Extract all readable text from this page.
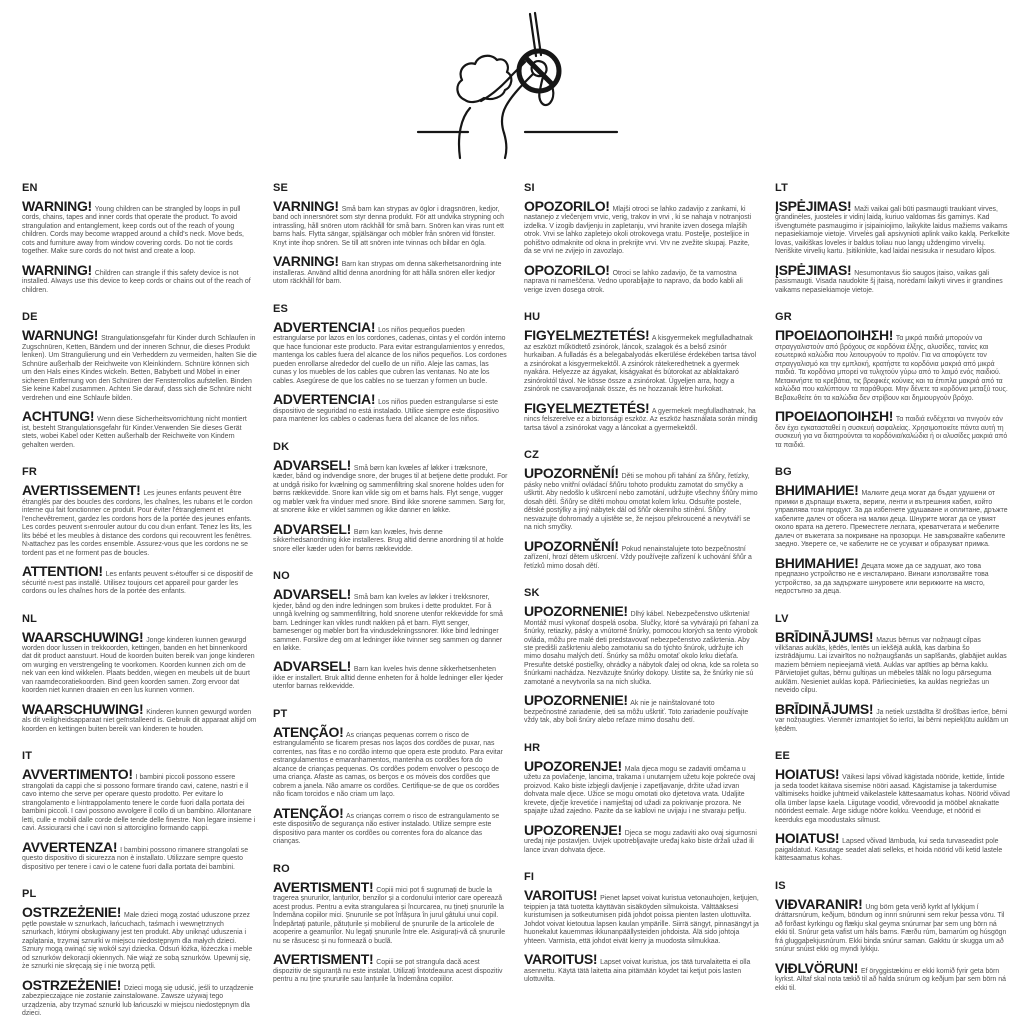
EN

WARNING! Young children can be strangled by loops in pull cords, chains, tapes and inner cords that operate the product. To avoid strangulation and entanglement, keep cords out of the reach of young children. Cords may become wrapped around a child's neck. Move beds, cots and furniture away from window covering cords. Do not tie cords together. Make sure cords do not twist and create a loop.

WARNING! Children can strangle if this safety device is not installed. Always use this device to keep cords or chains out of the reach of children.

DE

WARNUNG! Strangulationsgefahr für Kinder durch Schlaufen in Zugschnüren, Ketten, Bändern und der inneren Schnur, die dieses Produkt lenken). Um Strangulierung und ein Verheddern zu vermeiden, halten Sie die Schnüre außerhalb der Reichweite von Kleinkindern. Schnüre können sich um den Hals eines Kindes wickeln. Betten, Babybett und Möbel in einer sicheren Entfernung von den Schnüren der Fensterrollos aufstellen. Binden Sie keine Kabel zusammen. Achten Sie darauf, dass sich die Schnüre nicht verdrehen und eine Schlaufe bilden.

ACHTUNG! Wenn diese Sicherheitsvorrichtung nicht montiert ist, besteht Strangulationsgefahr für Kinder.Verwenden Sie dieses Gerät stets, wobei Kabel oder Ketten außerhalb der Reichweite von Kindern gehalten werden.

FR

AVERTISSEMENT! Les jeunes enfants peuvent être étranglés par des boucles des cordons, les chaînes, les rubans et le cordon interne qui fait fonctionner ce produit. Pour éviter l'étranglement et l'enchevêtrement, gardez les cordons hors de la portée des jeunes enfants. Les cordes peuvent s›enrouler autour du cou d›un enfant. Tenez les lits, les lits bébé et les meubles à distance des cordons qui recouvrent les fenêtres. N›attachez pas les cordes ensemble. Assurez-vous que les cordons ne se tordent pas et ne forment pas de boucles.

ATTENTION! Les enfants peuvent s›étouffer si ce dispositif de sécurité n›est pas installé. Utilisez toujours cet appareil pour garder les cordons ou les chaînes hors de la portée des enfants.

NL

WAARSCHUWING! Jonge kinderen kunnen gewurgd worden door lussen in trekkoorden, kettingen, banden en het binnenkoord dat dit product aanstuurt. Houd de koorden buiten bereik van jonge kinderen om wurging en verstrengeling te voorkomen. Koorden kunnen zich om de nek van een kind wikkelen. Plaats bedden, wiegen en meubels uit de buurt van raamdecoratiekoorden. Bind geen koorden samen. Zorg ervoor dat koorden niet kunnen draaien en een lus kunnen vormen.

WAARSCHUWING! Kinderen kunnen gewurgd worden als dit veiligheidsapparaat niet geïnstalleerd is. Gebruik dit apparaat altijd om koorden en kettingen buiten bereik van kinderen te houden.

IT

AVVERTIMENTO! I bambini piccoli possono essere strangolati da cappi che si possono formare tirando cavi, catene, nastri e il cavo interno che serve per operare questo prodotto. Per evitare lo strangolamento e l›intrappolamento tenere le corde fuori dalla portata dei bambini piccoli. I cavi possono avvolgere il collo di un bambino. Allontanare letti, culle e mobili dalle corde delle tende delle finestre. Non legare insieme i cavi. Assicurarsi che i cavi non si attorciglino formando cappi.

AVVERTENZA! I bambini possono rimanere strangolati se questo dispositivo di sicurezza non è installato. Utilizzare sempre questo dispositivo per tenere i cavi o le catene fuori dalla portata dei bambini.

PL

OSTRZEŻENIE! Małe dzieci mogą zostać uduszone przez pętle powstałe w sznurkach, łańcuchach, taśmach i wewnętrznych sznurkach, którymi obsługiwany jest ten produkt. Aby uniknąć uduszenia i zaplątania, trzymaj sznurki w miejscu niedostępnym dla małych dzieci. Sznury mogą owinąć się wokół szyi dziecka. Odsuń łóżka, łóżeczka i meble od sznurków dekoracji okiennych. Nie wiąż ze sobą sznurków. Upewnij się, że sznurki nie skręcają się i nie tworzą pętli.

OSTRZEŻENIE! Dzieci mogą się udusić, jeśli to urządzenie zabezpieczające nie zostanie zainstalowane. Zawsze używaj tego urządzenia, aby trzymać sznurki lub łańcuszki w miejscu niedostępnym dla dzieci.

SE

VARNING! Små barn kan strypas av öglor i dragsnören, kedjor, band och innersnöret som styr denna produkt. För att undvika strypning och intrassling, håll snören utom räckhåll för små barn. Snören kan viras runt ett barns hals. Flytta sängar, spjälsängar och möbler från snören vid fönster. Knyt inte ihop snören. Se till att snören inte tvinnas och bildar en ögla.

VARNING! Barn kan strypas om denna säkerhetsanordning inte installeras. Använd alltid denna anordning för att hålla snören eller kedjor utom räckhåll för barn.

ES

ADVERTENCIA! Los niños pequeños pueden estrangularse por lazos en los cordones, cadenas, cintas y el cordón interno que hace funcionar este producto. Para evitar estrangulamientos y enredos, mantenga los cables fuera del alcance de los niños pequeños. Los cordones pueden enrollarse alrededor del cuello de un niño. Aleje las camas, las cunas y los muebles de los cables que cubren las ventanas. No ate los cables. Asegúrese de que los cables no se tuerzan y formen un bucle.

ADVERTENCIA! Los niños pueden estrangularse si este dispositivo de seguridad no está instalado. Utilice siempre este dispositivo para mantener los cables o cadenas fuera del alcance de los niños.

DK

ADVARSEL! Små børn kan kvæles af løkker i træksnore, kæder, bånd og indvendige snore, der bruges til at betjene dette produkt. For at undgå risiko for kvælning og sammenfiltring skal snorene holdes uden for børns rækkevidde. Snore kan vikle sig om et barns hals. Flyt senge, vugger og møbler væk fra vinduer med snore. Bind ikke snorene sammen. Sørg for, at snorene ikke er viklet sammen og ikke danner en løkke.

ADVARSEL! Børn kan kvæles, hvis denne sikkerhedsanordning ikke installeres. Brug altid denne anordning til at holde snore eller kæder uden for børns rækkevidde.

NO

ADVARSEL! Små barn kan kveles av løkker i trekksnorer, kjeder, bånd og den indre ledningen som brukes i dette produktet. For å unngå kvelning og sammenfiltring, hold snorene utenfor rekkevidde for små barn. Ledninger kan vikles rundt nakken på et barn. Flytt senger, barnesenger og møbler bort fra vindusdekningssnorer. Ikke bind ledninger sammen. Forsikre deg om at ledninger ikke tvinner seg sammen og danner en løkke.

ADVARSEL! Barn kan kveles hvis denne sikkerhetsenheten ikke er installert. Bruk alltid denne enheten for å holde ledninger eller kjeder utenfor barnas rekkevidde.

PT

ATENÇÃO! As crianças pequenas correm o risco de estrangulamento se ficarem presas nos laços dos cordões de puxar, nas correntes, nas fitas e no cordão interno que opera este produto. Para evitar estrangulamentos e emaranhamentos, mantenha os cordões fora do alcance de crianças pequenas. Os cordões podem envolver o pescoço de uma criança. Afaste as camas, os berços e os móveis dos cordões que cobrem a janela. Não amarre os cordões. Certifique-se de que os cordões não ficam torcidos e não criam um laço.

ATENÇÃO! As crianças correm o risco de estrangulamento se este dispositivo de segurança não estiver instalado. Utilize sempre este dispositivo para manter os cordões ou correntes fora do alcance das crianças.

RO

AVERTISMENT! Copiii mici pot fi sugrumați de bucle la tragerea șnururilor, lanțurilor, benzilor și a cordonului interior care operează acest produs. Pentru a evita strangularea și încurcarea, nu țineți șnururile la îndemâna copiilor mici. Șnururile se pot înfășura în jurul gâtului unui copil. Îndepărtați paturile, pătuțurile și mobilierul de șnururile de la articolele de acoperire a geamurilor. Nu legați șnururile între ele. Asigurați-vă că șnururile nu se răsucesc și nu formează o buclă.

AVERTISMENT! Copiii se pot strangula dacă acest dispozitiv de siguranță nu este instalat. Utilizați întotdeauna acest dispozitiv pentru a nu ține șnururile sau lanțurile la îndemâna copiilor.

SI

OPOZORILO! Mlajši otroci se lahko zadavijo z zankami, ki nastanejo z vlečenjem vrvic, verig, trakov in vrvi , ki se nahaja v notranjosti izdelka. V izogib davljenju in zapletanju, vrvi hranite izven dosega mlajših otrok. Vrvi se lahko zapletejo okoli otrokovega vratu. Postelje, posteljice in pohištvo odmaknite od okna in prekrijte vrvi. Vrv ne zvežite skupaj. Pazite, da se vrvi ne zvijejo in zavozlajo.

OPOZORILO! Otroci se lahko zadavijo, če ta varnostna naprava ni nameščena. Vedno uporabljajte to napravo, da bodo kabli ali verige izven dosega otrok.

HU

FIGYELMEZTETÉS! A kisgyermekek megfulladhatnak az eszközt működtető zsinórok, láncok, szalagok és a belső zsinór hurkaiban. A fulladás és a belegabalyodás elkerülése érdekében tartsa távol a zsinórokat a kisgyermekektől. A zsinórok rátekeredhetnek a gyermek nyakára. Helyezze az ágyakat, kiságyakat és bútorokat az ablaktakaró zsinóroktól távol. Ne kösse össze a zsinórokat. Ügyeljen arra, hogy a zsinórok ne csavarodjanak össze, és ne hozzanak létre hurkokat.

FIGYELMEZTETÉS! A gyermekek megfulladhatnak, ha nincs felszerelve ez a biztonsági eszköz. Az eszköz használata során mindig tartsa távol a zsinórokat vagy a láncokat a gyermekektől.

CZ

UPOZORNĚNÍ! Děti se mohou při tahání za šňůry, řetízky, pásky nebo vnitřní ovládací šňůru tohoto produktu zamotat do smyčky a uškrtit. Aby nedošlo k uškrcení nebo zamotání, udržujte všechny šňůry mimo dosah dětí. Šňůry se dítěti mohou omotat kolem krku. Odsuňte postele, dětské postýlky a jiný nábytek dál od šňůr okenního stínění. Šňůry nesvazujte dohromady a ujistěte se, že nejsou překroucené a nevytváří se na nich smyčky.

UPOZORNĚNÍ! Pokud nenainstalujete toto bezpečnostní zařízení, hrozí dětem uškrcení. Vždy používejte zařízení k uchování šňůr a řetízků mimo dosah dětí.

SK

UPOZORNENIE! Dlhý kábel. Nebezpečenstvo uškrtenia! Montáž musí vykonať dospelá osoba. Slučky, ktoré sa vytvárajú pri ťahaní za šnúrky, retiazky, pásky a vnútorné šnúrky, pomocou ktorých sa tento výrobok ovláda, môžu pre malé deti predstavovať nebezpečenstvo zaškrtenia. Aby ste predišli zaškrteniu alebo zamotaniu sa do týchto šnúrok, udržujte ich mimo dosahu malých detí. Šnúrky sa môžu omotať okolo krku dieťaťa. Presuňte detské postieľky, ohrádky a nábytok ďalej od okna, kde sa roleta so šnúrkami nachádza. Nezväzujte šnúrky dokopy. Uistite sa, že šnúrky nie sú zamotané a nevytvorila sa na nich slučka.

UPOZORNENIE! Ak nie je nainštalované toto bezpečnostné zariadenie, deti sa môžu uškrtiť. Toto zariadenie používajte vždy tak, aby boli šnúry alebo reťaze mimo dosahu detí.

HR

UPOZORENJE! Mala djeca mogu se zadaviti omčama u užetu za povlačenje, lancima, trakama i unutarnjem užetu koje pokreće ovaj proizvod. Kako biste izbjegli davljenje i zapetljavanje, držite užad izvan dohvata male djece. Užice se mogu omotati oko djetetova vrata. Udaljite krevete, dječje krevetiće i namještaj od užadi za pokrivanje prozora. Ne spajajte užad zajedno. Pazite da se kablovi ne uvijaju i ne stvaraju petlju.

UPOZORENJE! Djeca se mogu zadaviti ako ovaj sigurnosni uređaj nije postavljen. Uvijek upotrebljavajte uređaj kako biste držali užad ili lance izvan dohvata djece.

FI

VAROITUS! Pienet lapset voivat kuristua vetonauhojen, ketjujen, teippien ja tätä tuotetta käyttävän sisäköyden silmukoista. Välttääksesi kuristumisen ja sotkeutumisen pidä johdot poissa pienten lasten ulottuvilta. Johdot voivat kietoutua lapsen kaulan ympärille. Siirrä sängyt, pinnasängyt ja huonekalut kauemmas ikkunanpäällysteiden johdoista. Älä sido johtoja yhteen. Varmista, että johdot eivät kierry ja muodosta silmukkaa.

VAROITUS! Lapset voivat kuristua, jos tätä turvalaitetta ei olla asennettu. Käytä tätä laitetta aina pitämään köydet tai ketjut pois lasten ulottuvilta.

LT

ĮSPĖJIMAS! Maži vaikai gali būti pasmaugti traukiant virves, grandinėles, juosteles ir vidinį laidą, kuriuo valdomas šis gaminys. Kad išvengtumėte pasmaugimo ir įsipainiojimo, laikykite laidus mažiems vaikams nepasiekiamoje vietoje. Virvelės gali apsivynioti aplink vaiko kaklą. Perkelkite lovas, vaikiškas loveles ir baldus toliau nuo langų uždengimo virvelių. Neriškite virvelių kartu. Įsitikinkite, kad laidai nesisuka ir nesudaro kilpos.

ĮSPĖJIMAS! Nesumontavus šio saugos įtaiso, vaikas gali pasismaugti. Visada naudokite šį įtaisą, norėdami laikyti virves ir grandines vaikams nepasiekiamoje vietoje.

GR

ΠΡΟΕΙΔΟΠΟΙΗΣΗ! Τα μικρά παιδιά μπορούν να στραγγαλιστούν από βρόχους σε κορδόνια έλξης, αλυσίδες, ταινίες και εσωτερικά καλώδια που λειτουργούν το προϊόν. Για να αποφύγετε τον στραγγαλισμό και την εμπλοκή, κρατήστε τα κορδόνια μακριά από μικρά παιδιά. Τα κορδόνια μπορεί να τυλιχτούν γύρω από το λαιμό ενός παιδιού. Μετακινήστε τα κρεβάτια, τις βρεφικές κούνιες και τα έπιπλα μακριά από τα καλώδια που καλύπτουν τα παράθυρα. Μην δένετε τα κορδόνια μεταξύ τους. Βεβαιωθείτε ότι τα καλώδια δεν στρίβουν και δημιουργούν βρόχο.

ΠΡΟΕΙΔΟΠΟΙΗΣΗ! Τα παιδιά ενδέχεται να πνιγούν εάν δεν έχει εγκατασταθεί η συσκευή ασφαλείας. Χρησιμοποιείτε πάντα αυτή τη συσκευή για να διατηρούνται τα κορδόνια/καλώδια ή οι αλυσίδες μακριά από τα παιδιά.

BG

ВНИМАНИЕ! Малките деца могат да бъдат удушени от примки в дърпащи въжета, вериги, ленти и вътрешния кабел, който управлява този продукт. За да избегнете удушаване и оплитане, дръжте кабелите далеч от обсега на малки деца. Шнурите могат да се увият около врата на детето. Преместете леглата, креватчетата и мебелите далеч от въжетата за покриване на прозорци. Не завързвайте кабелите заедно. Уверете се, че кабелите не се усукват и образуват примка.

ВНИМАНИЕ! Децата може да се задушат, ако това предпазно устройство не е инсталирано. Винаги използвайте това устройство, за да задържате шнуровете или верижките на място, недостъпно за деца.

LV

BRĪDINĀJUMS! Mazus bērnus var nožņaugt cilpas vilkšanas auklās, ķēdēs, lentēs un iekšējā auklā, kas darbina šo izstrādājumu. Lai izvairītos no nožņaugšanās un sapīšanās, glabājiet auklas maziem bērniem nepieejamā vietā. Auklas var aptīties ap bērna kaklu. Pārvietojiet gultas, bērnu gultiņas un mēbeles tālāk no logu pārseguma auklām. Nesieniet auklas kopā. Pārliecinieties, ka auklas negriežas un neveido cilpu.

BRĪDINĀJUMS! Ja netiek uzstādīta šī drošības ierīce, bērni var nožņaugties. Vienmēr izmantojiet šo ierīci, lai bērni nepiekļūtu auklām un ķēdēm.

EE

HOIATUS! Väikesi lapsi võivad kägistada nööride, kettide, lintide ja seda toodet käitava sisemise nööri aasad. Kägistamise ja takerdumise vältimiseks hoidke juhtmeid väikelastele kättesaamatus kohas. Nöörid võivad olla ümber lapse kaela. Liigutage voodid, võrevoodid ja mööbel aknakatte nööridest eemale. Ärge siduge nööre kokku. Veenduge, et nöörid ei keerduks ega moodustaks silmust.

HOIATUS! Lapsed võivad lämbuda, kui seda turvaseadist pole paigaldatud. Kasutage seadet alati selleks, et hoida nöörid või ketid lastele kättesaamatus kohas.

IS

VIÐVARANIR! Ung börn geta verið kyrkt af lykkjum í dráttarsnúrum, keðjum, böndum og innri snúrunni sem rekur þessa vöru. Til að forðast kyrkingu og flækju skal geyma snúrurnar þar sem ung börn ná ekki til. Snúrur geta vafist um háls barns. Færðu rúm, barnarúm og húsgögn frá gluggaþekjusnúrum. Ekki binda snúrur saman. Gakktu úr skugga um að snúrur snúist ekki og myndi lykkju.

VIÐLVÖRUN! Ef öryggistækinu er ekki komið fyrir geta börn kyrkst. Alltaf skal nota tækið til að halda snúrum og keðjum þar sem börn ná ekki til.
